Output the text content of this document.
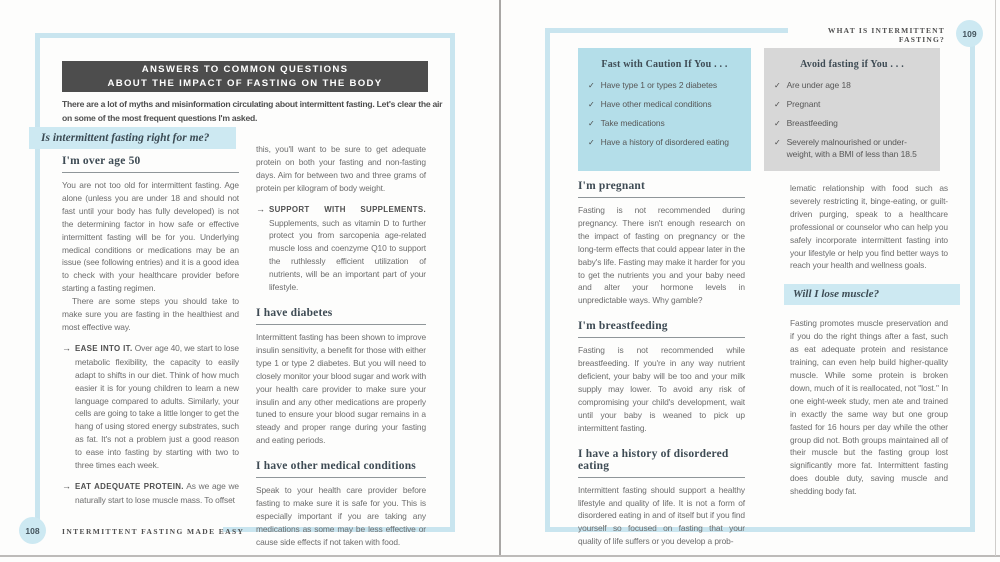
ANSWERS TO COMMON QUESTIONS
ABOUT THE IMPACT OF FASTING ON THE BODY

There are a lot of myths and misinformation circulating about intermittent fasting. Let's clear the air on some of the most frequent questions I'm asked.

Is intermittent fasting right for me?
I'm over age 50

You are not too old for intermittent fasting. Age alone (unless you are under 18 and should not fast until your body has fully developed) is not the determining factor in how safe or effective intermittent fasting will be for you. Underlying medical conditions or medications may be an issue (see following entries) and it is a good idea to check with your healthcare provider before starting a fasting regimen.

There are some steps you should take to make sure you are fasting in the healthiest and most effective way.

→ EASE INTO IT. Over age 40, we start to lose metabolic flexibility, the capacity to easily adapt to shifts in our diet. Think of how much easier it is for young children to learn a new language compared to adults. Similarly, your cells are going to take a little longer to get the hang of using stored energy substrates, such as fat. It's not a problem just a good reason to ease into fasting by starting with two to three times each week.
→ EAT ADEQUATE PROTEIN. As we age we naturally start to lose muscle mass. To offset

this, you'll want to be sure to get adequate protein on both your fasting and non-fasting days. Aim for between two and three grams of protein per kilogram of body weight.

→ SUPPORT WITH SUPPLEMENTS. Supplements, such as vitamin D to further protect you from sarcopenia age-related muscle loss and coenzyme Q10 to support the ruthlessly efficient utilization of nutrients, will be an important part of your lifestyle.
I have diabetes

Intermittent fasting has been shown to improve insulin sensitivity, a benefit for those with either type 1 or type 2 diabetes. But you will need to closely monitor your blood sugar and work with your health care provider to make sure your insulin and any other medications are properly tuned to ensure your blood sugar remains in a steady and proper range during your fasting and eating periods.

I have other medical conditions

Speak to your health care provider before fasting to make sure it is safe for you. This is especially important if you are taking any medications as some may be less effective or cause side effects if not taken with food.

108	INTERMITTENT FASTING MADE EASY
WHAT IS INTERMITTENT FASTING?
109
Fast with Caution If You . . .
✓ Have type 1 or types 2 diabetes
✓ Have other medical conditions
✓ Take medications
✓ Have a history of disordered eating
Avoid fasting if You . . .
✓ Are under age 18
✓ Pregnant
✓ Breastfeeding
✓ Severely malnourished or under-weight, with a BMI of less than 18.5
I'm pregnant

Fasting is not recommended during pregnancy. There isn't enough research on the impact of fasting on pregnancy or the long-term effects that could appear later in the baby's life. Fasting may make it harder for you to get the nutrients you and your baby need and alter your hormone levels in unpredictable ways. Why gamble?

I'm breastfeeding

Fasting is not recommended while breastfeeding. If you're in any way nutrient deficient, your baby will be too and your milk supply may lower. To avoid any risk of compromising your child's development, wait until your baby is weaned to pick up intermittent fasting.

I have a history of disordered eating

Intermittent fasting should support a healthy lifestyle and quality of life. It is not a form of disordered eating in and of itself but if you find yourself so focused on fasting that your quality of life suffers or you develop a prob-

lematic relationship with food such as severely restricting it, binge-eating, or guilt-driven purging, speak to a healthcare professional or counselor who can help you safely incorporate intermittent fasting into your lifestyle or help you find better ways to reach your health and wellness goals.

Will I lose muscle?

Fasting promotes muscle preservation and if you do the right things after a fast, such as eat adequate protein and resistance training, can even help build higher-quality muscle. While some protein is broken down, much of it is reallocated, not "lost." In one eight-week study, men ate and trained in exactly the same way but one group fasted for 16 hours per day while the other group did not. Both groups maintained all of their muscle but the fasting group lost significantly more fat. Intermittent fasting does double duty, saving muscle and shedding body fat.
